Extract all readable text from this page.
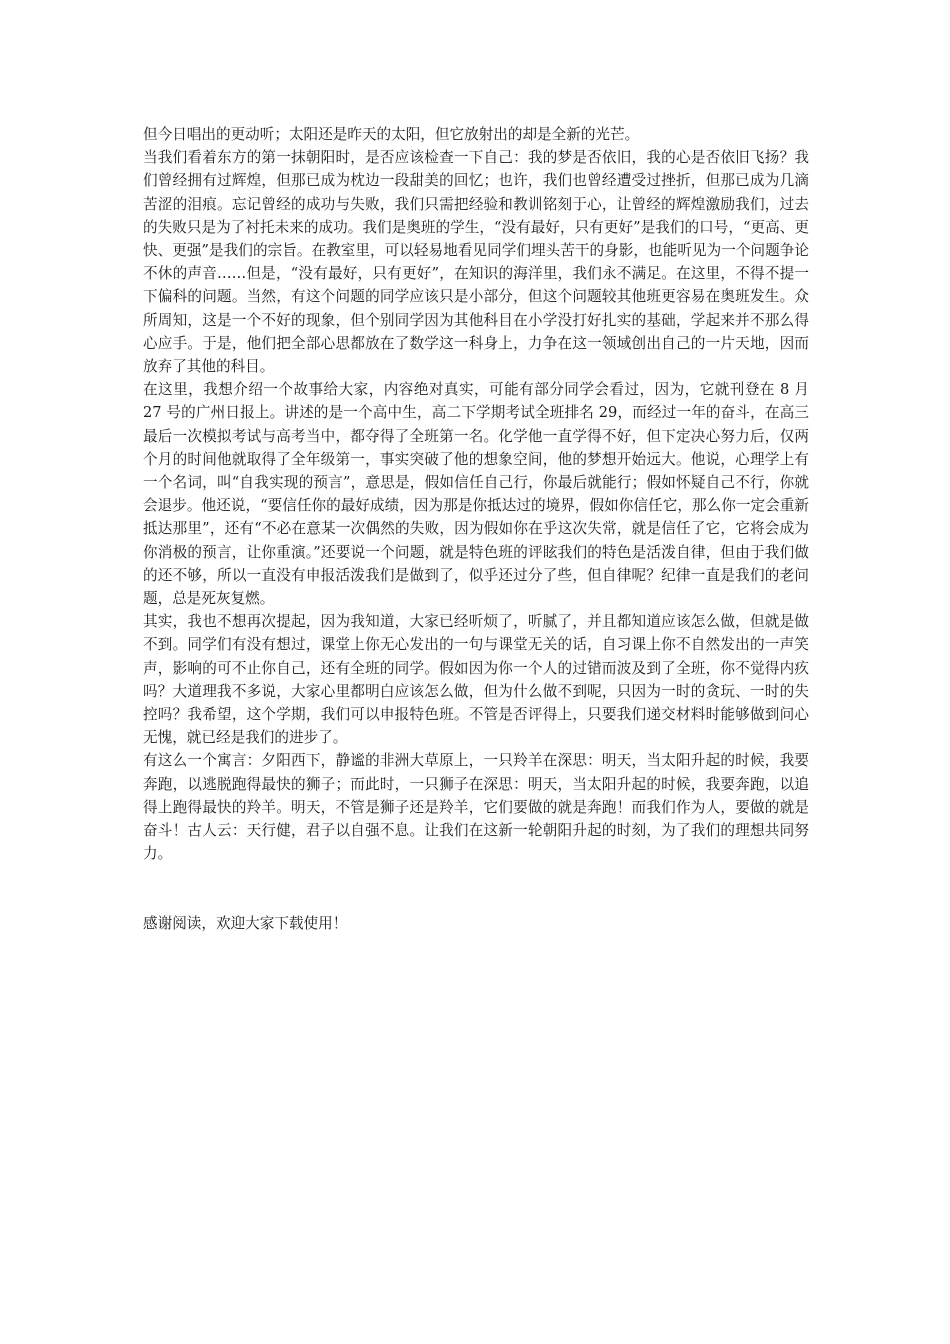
但今日唱出的更动听；太阳还是昨天的太阳，但它放射出的却是全新的光芒。

当我们看着东方的第一抹朝阳时，是否应该检查一下自己：我的梦是否依旧，我的心是否依旧飞扬？我们曾经拥有过辉煌，但那已成为枕边一段甜美的回忆；也许，我们也曾经遭受过挫折，但那已成为几滴苦涩的泪痕。忘记曾经的成功与失败，我们只需把经验和教训铭刻于心，让曾经的辉煌激励我们，过去的失败只是为了衬托未来的成功。我们是奥班的学生，“没有最好，只有更好”是我们的口号，“更高、更快、更强”是我们的宗旨。在教室里，可以轻易地看见同学们埋头苦干的身影，也能听见为一个问题争论不休的声音……但是，“没有最好，只有更好”，在知识的海洋里，我们永不满足。在这里，不得不提一下偏科的问题。当然，有这个问题的同学应该只是小部分，但这个问题较其他班更容易在奥班发生。众所周知，这是一个不好的现象，但个别同学因为其他科目在小学没打好扎实的基础，学起来并不那么得心应手。于是，他们把全部心思都放在了数学这一科身上，力争在这一领域创出自己的一片天地，因而放弃了其他的科目。

在这里，我想介绍一个故事给大家，内容绝对真实，可能有部分同学会看过，因为，它就刊登在 8 月 27 号的广州日报上。讲述的是一个高中生，高二下学期考试全班排名 29，而经过一年的奋斗，在高三最后一次模拟考试与高考当中，都夺得了全班第一名。化学他一直学得不好，但下定决心努力后，仅两个月的时间他就取得了全年级第一，事实突破了他的想象空间，他的梦想开始远大。他说，心理学上有一个名词，叫“自我实现的预言”，意思是，假如信任自己行，你最后就能行；假如怀疑自己不行，你就会退步。他还说，“要信任你的最好成绩，因为那是你抵达过的境界，假如你信任它，那么你一定会重新抵达那里”，还有“不必在意某一次偶然的失败，因为假如你在乎这次失常，就是信任了它，它将会成为你消极的预言，让你重演。”还要说一个问题，就是特色班的评眩我们的特色是活泼自律，但由于我们做的还不够，所以一直没有申报活泼我们是做到了，似乎还过分了些，但自律呢？纪律一直是我们的老问题，总是死灰复燃。

其实，我也不想再次提起，因为我知道，大家已经听烦了，听腻了，并且都知道应该怎么做，但就是做不到。同学们有没有想过，课堂上你无心发出的一句与课堂无关的话，自习课上你不自然发出的一声笑声，影响的可不止你自己，还有全班的同学。假如因为你一个人的过错而波及到了全班，你不觉得内疚吗？大道理我不多说，大家心里都明白应该怎么做，但为什么做不到呢，只因为一时的贪玩、一时的失控吗？我希望，这个学期，我们可以申报特色班。不管是否评得上，只要我们递交材料时能够做到问心无愧，就已经是我们的进步了。

有这么一个寓言：夕阳西下，静谧的非洲大草原上，一只羚羊在深思：明天，当太阳升起的时候，我要奔跑，以逃脱跑得最快的狮子；而此时，一只狮子在深思：明天，当太阳升起的时候，我要奔跑，以追得上跑得最快的羚羊。明天，不管是狮子还是羚羊，它们要做的就是奔跑！而我们作为人，要做的就是奋斗！古人云：天行健，君子以自强不息。让我们在这新一轮朝阳升起的时刻，为了我们的理想共同努力。

感谢阅读，欢迎大家下载使用！
